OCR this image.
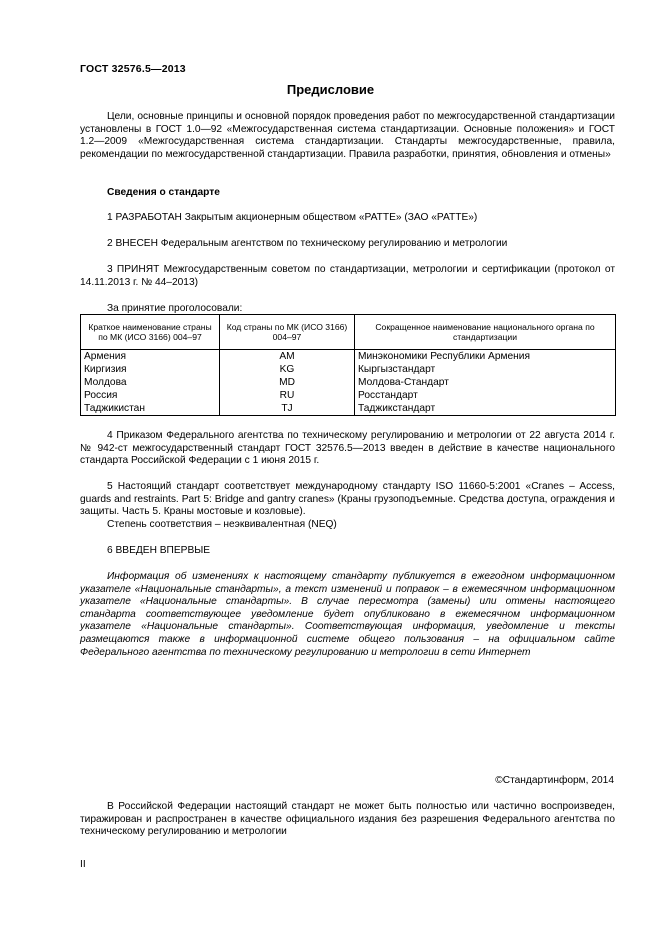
ГОСТ 32576.5—2013
Предисловие
Цели, основные принципы и основной порядок проведения работ по межгосударственной стандартизации установлены в ГОСТ 1.0—92 «Межгосударственная система стандартизации. Основные положения» и ГОСТ 1.2—2009 «Межгосударственная система стандартизации. Стандарты межгосударственные, правила, рекомендации по межгосударственной стандартизации. Правила разработки, принятия, обновления и отмены»
Сведения о стандарте
1 РАЗРАБОТАН Закрытым акционерным обществом «РАТТЕ» (ЗАО «РАТТЕ»)
2 ВНЕСЕН Федеральным агентством по техническому регулированию и метрологии
3 ПРИНЯТ Межгосударственным советом по стандартизации, метрологии и сертификации (протокол от 14.11.2013 г. № 44–2013)
За принятие проголосовали:
Краткое наименование страны по МК (ИСО 3166) 004–97	Код страны по МК (ИСО 3166) 004–97	Сокращенное наименование национального органа по стандартизации
Армения	AM	Минэкономики Республики Армения
Киргизия	KG	Кыргызстандарт
Молдова	MD	Молдова-Стандарт
Россия	RU	Росстандарт
Таджикистан	TJ	Таджикстандарт
4 Приказом Федерального агентства по техническому регулированию и метрологии от 22 августа 2014 г. № 942-ст межгосударственный стандарт ГОСТ 32576.5—2013 введен в действие в качестве национального стандарта Российской Федерации с 1 июня 2015 г.
5 Настоящий стандарт соответствует международному стандарту ISO 11660-5:2001 «Cranes – Access, guards and restraints. Part 5: Bridge and gantry cranes» (Краны грузоподъемные. Средства доступа, ограждения и защиты. Часть 5. Краны мостовые и козловые).
Степень соответствия – неэквивалентная (NEQ)
6 ВВЕДЕН ВПЕРВЫЕ
Информация об изменениях к настоящему стандарту публикуется в ежегодном информационном указателе «Национальные стандарты», а текст изменений и поправок – в ежемесячном информационном указателе «Национальные стандарты». В случае пересмотра (замены) или отмены настоящего стандарта соответствующее уведомление будет опубликовано в ежемесячном информационном указателе «Национальные стандарты». Соответствующая информация, уведомление и тексты размещаются также в информационной системе общего пользования – на официальном сайте Федерального агентства по техническому регулированию и метрологии в сети Интернет
©Стандартинформ, 2014
В Российской Федерации настоящий стандарт не может быть полностью или частично воспроизведен, тиражирован и распространен в качестве официального издания без разрешения Федерального агентства по техническому регулированию и метрологии
II
